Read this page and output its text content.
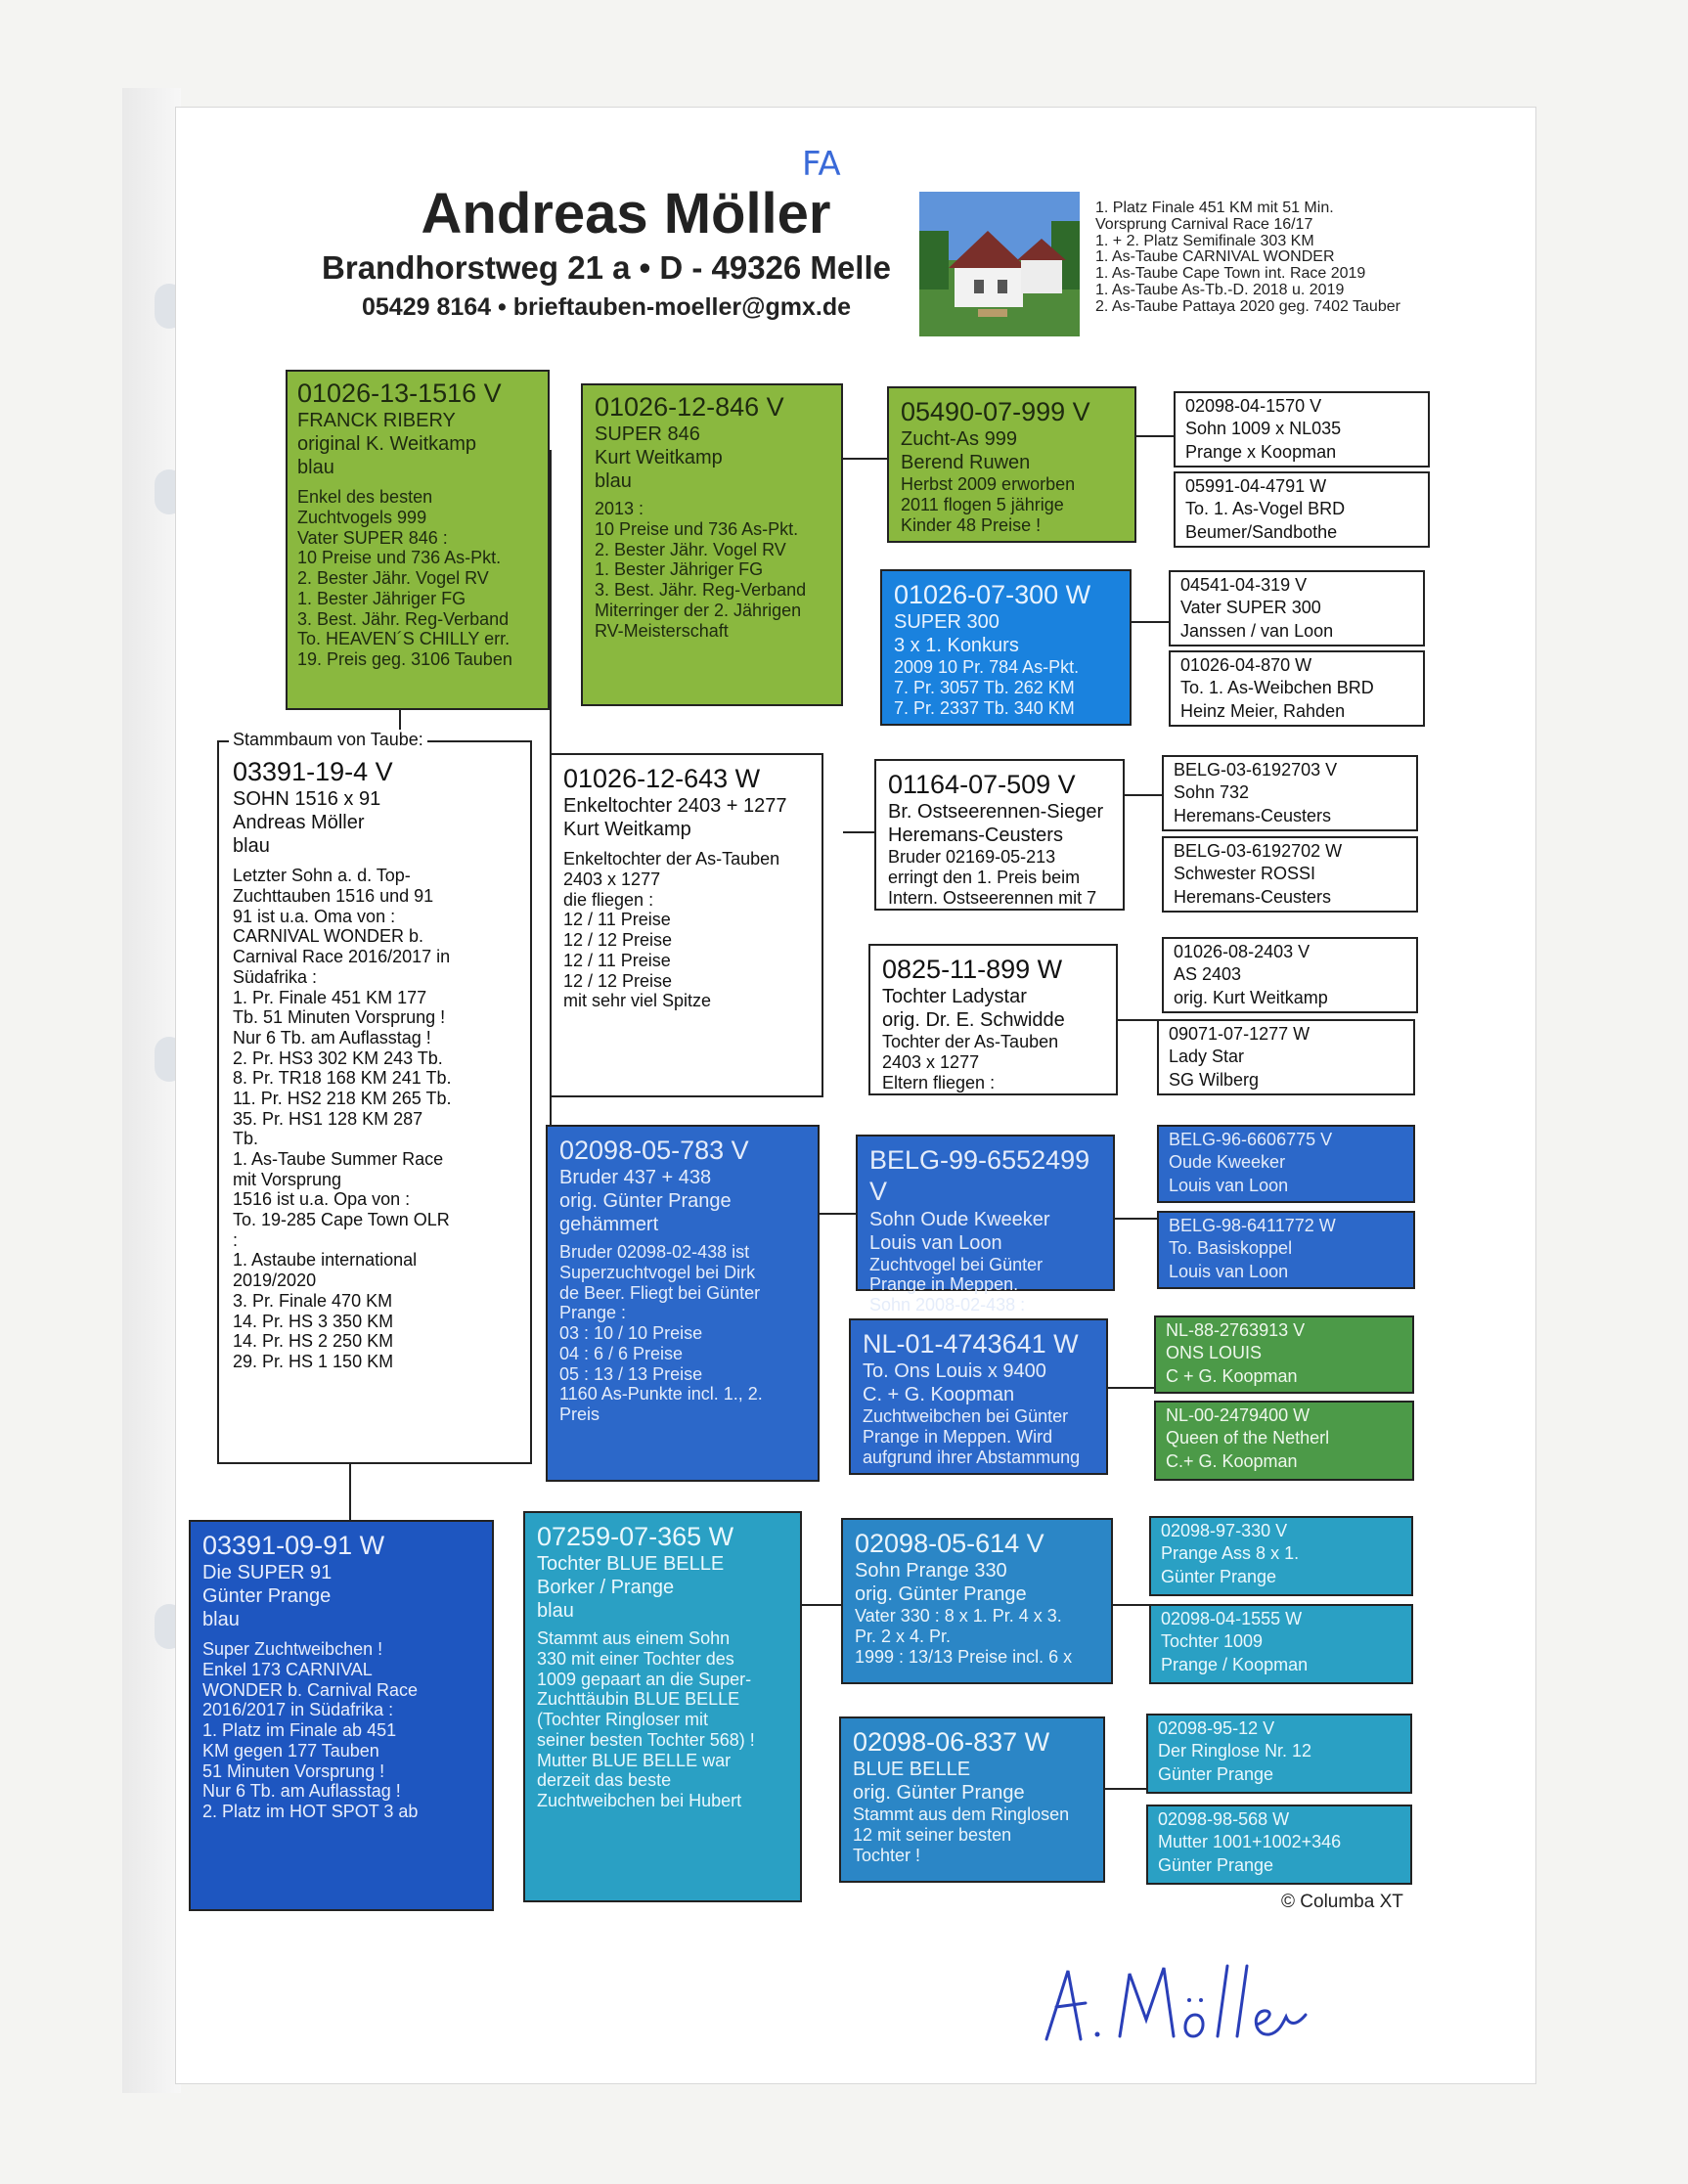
FA
Andreas Möller
Brandhorstweg 21 a • D - 49326 Melle
05429 8164 • brieftauben-moeller@gmx.de
1. Platz Finale 451 KM mit 51 Min.
Vorsprung Carnival Race 16/17
1. + 2. Platz Semifinale 303 KM
1. As-Taube CARNIVAL WONDER
1. As-Taube Cape Town int. Race 2019
1. As-Taube As-Tb.-D. 2018 u. 2019
2. As-Taube Pattaya 2020 geg. 7402 Tauber
01026-13-1516 V
FRANCK RIBERY
original K. Weitkamp
blau
Enkel des besten
Zuchtvogels 999
Vater SUPER 846 :
10 Preise und 736 As-Pkt.
2. Bester Jähr. Vogel RV
1. Bester Jähriger FG
3. Best. Jähr. Reg-Verband
To. HEAVEN´S CHILLY err.
19. Preis geg. 3106 Tauben
03391-19-4 V
SOHN 1516 x 91
Andreas Möller
blau
Letzter Sohn a. d. Top-
Zuchttauben 1516 und 91
91 ist u.a. Oma von :
CARNIVAL WONDER b.
Carnival Race 2016/2017 in
Südafrika :
1. Pr. Finale 451 KM 177
Tb. 51 Minuten Vorsprung !
Nur 6 Tb. am Auflasstag !
2. Pr. HS3 302 KM 243 Tb.
8. Pr. TR18 168 KM 241 Tb.
11. Pr. HS2 218 KM 265 Tb.
35. Pr. HS1 128 KM 287
Tb.
1. As-Taube Summer Race
mit Vorsprung
1516 ist u.a. Opa von :
To. 19-285 Cape Town OLR
:
1. Astaube international
2019/2020
3. Pr. Finale 470 KM
14. Pr. HS 3 350 KM
14. Pr. HS 2 250 KM
29. Pr. HS 1 150 KM
Stammbaum von Taube:
03391-09-91 W
Die SUPER 91
Günter Prange
blau
Super Zuchtweibchen !
Enkel 173 CARNIVAL
WONDER b. Carnival Race
2016/2017 in Südafrika :
1. Platz im Finale ab 451
KM gegen 177 Tauben
51 Minuten Vorsprung !
Nur 6 Tb. am Auflasstag !
2. Platz im HOT SPOT 3 ab
01026-12-846 V
SUPER 846
Kurt Weitkamp
blau
2013 :
10 Preise und 736 As-Pkt.
2. Bester Jähr. Vogel RV
1. Bester Jähriger FG
3. Best. Jähr. Reg-Verband
Miterringer der 2. Jährigen
RV-Meisterschaft
01026-12-643 W
Enkeltochter 2403 + 1277
Kurt Weitkamp
Enkeltochter der As-Tauben
2403 x 1277
die fliegen :
12 / 11 Preise
12 / 12 Preise
12 / 11 Preise
12 / 12 Preise
mit sehr viel Spitze
02098-05-783 V
Bruder 437 + 438
orig. Günter Prange
gehämmert
Bruder 02098-02-438 ist
Superzuchtvogel bei Dirk
de Beer. Fliegt bei Günter
Prange :
03 : 10 / 10 Preise
04 : 6 / 6 Preise
05 : 13 / 13 Preise
1160 As-Punkte incl. 1., 2.
Preis
07259-07-365 W
Tochter BLUE BELLE
Borker / Prange
blau
Stammt aus einem Sohn
330 mit einer Tochter des
1009 gepaart an die Super-
Zuchttäubin BLUE BELLE
(Tochter Ringloser mit
seiner besten Tochter 568) !
Mutter BLUE BELLE war
derzeit das beste
Zuchtweibchen bei Hubert
05490-07-999 V
Zucht-As 999
Berend Ruwen
Herbst 2009 erworben
2011 flogen 5 jährige
Kinder 48 Preise !
01026-07-300 W
SUPER 300
3 x 1. Konkurs
2009 10 Pr. 784 As-Pkt.
7. Pr. 3057 Tb. 262 KM
7. Pr. 2337 Tb. 340 KM
01164-07-509 V
Br. Ostseerennen-Sieger
Heremans-Ceusters
Bruder 02169-05-213
erringt den 1. Preis beim
Intern. Ostseerennen mit 7
0825-11-899 W
Tochter Ladystar
orig. Dr. E. Schwidde
Tochter der As-Tauben
2403 x 1277
Eltern fliegen :
BELG-99-6552499 V
Sohn Oude Kweeker
Louis van Loon
Zuchtvogel bei Günter
Prange in Meppen.
Sohn 2008-02-438 :
NL-01-4743641 W
To. Ons Louis x 9400
C. + G. Koopman
Zuchtweibchen bei Günter
Prange in Meppen. Wird
aufgrund ihrer Abstammung
02098-05-614 V
Sohn Prange 330
orig. Günter Prange
Vater 330 : 8 x 1. Pr. 4 x 3.
Pr. 2 x 4. Pr.
1999 : 13/13 Preise incl. 6 x
02098-06-837 W
BLUE BELLE
orig. Günter Prange
Stammt aus dem Ringlosen
12 mit seiner besten
Tochter !
02098-04-1570 V
Sohn 1009 x NL035
Prange x Koopman
05991-04-4791 W
To. 1. As-Vogel BRD
Beumer/Sandbothe
04541-04-319 V
Vater SUPER 300
Janssen / van Loon
01026-04-870 W
To. 1. As-Weibchen BRD
Heinz Meier, Rahden
BELG-03-6192703 V
Sohn 732
Heremans-Ceusters
BELG-03-6192702 W
Schwester ROSSI
Heremans-Ceusters
01026-08-2403 V
AS 2403
orig. Kurt Weitkamp
09071-07-1277 W
Lady Star
SG Wilberg
BELG-96-6606775 V
Oude Kweeker
Louis van Loon
BELG-98-6411772 W
To. Basiskoppel
Louis van Loon
NL-88-2763913 V
ONS LOUIS
C + G. Koopman
NL-00-2479400 W
Queen of the Netherl
C.+ G. Koopman
02098-97-330 V
Prange Ass 8 x 1.
Günter Prange
02098-04-1555 W
Tochter 1009
Prange / Koopman
02098-95-12 V
Der Ringlose Nr. 12
Günter Prange
02098-98-568 W
Mutter 1001+1002+346
Günter Prange
© Columba XT
